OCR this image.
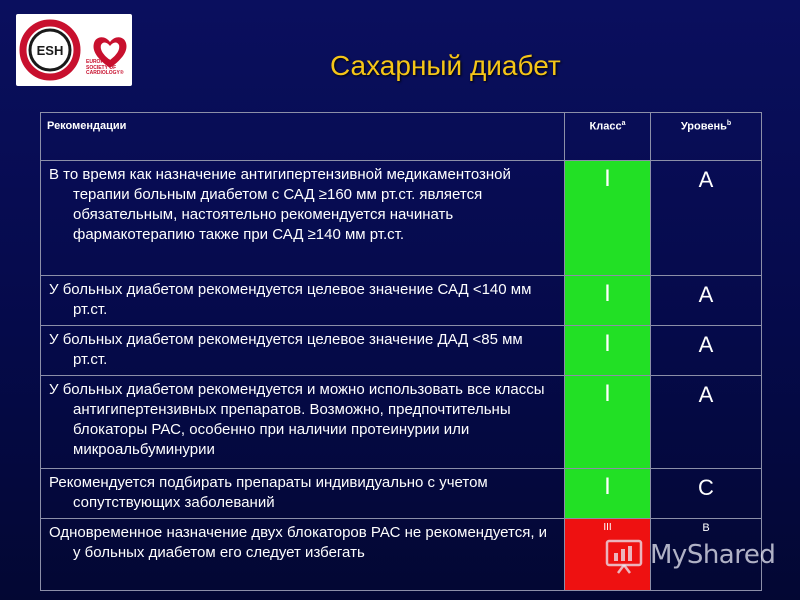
ESH
EUROPEAN SOCIETY OF CARDIOLOGY®	Сахарный диабет
Рекомендации	Класс$^a$	Уровень$^b$

В то время как назначение антигипертензивной медикаментозной терапии больным диабетом с САД ≥160 мм рт.ст. является обязательным, настоятельно рекомендуется начинать фармакотерапию также при САД ≥140 мм рт.ст.	I	A

У больных диабетом рекомендуется целевое значение САД <140 мм рт.ст.	I	A

У больных диабетом рекомендуется целевое значение ДАД <85 мм рт.ст.	I	A

У больных диабетом рекомендуется и можно использовать все классы антигипертензивных препаратов. Возможно, предпочтительны блокаторы РАС, особенно при наличии протеинурии или микроальбуминурии	I	A

Рекомендуется подбирать препараты индивидуально с учетом сопутствующих заболеваний	I	C

Одновременное назначение двух блокаторов РАС не рекомендуется, и у больных диабетом его следует избегать	III	B
MyShared
